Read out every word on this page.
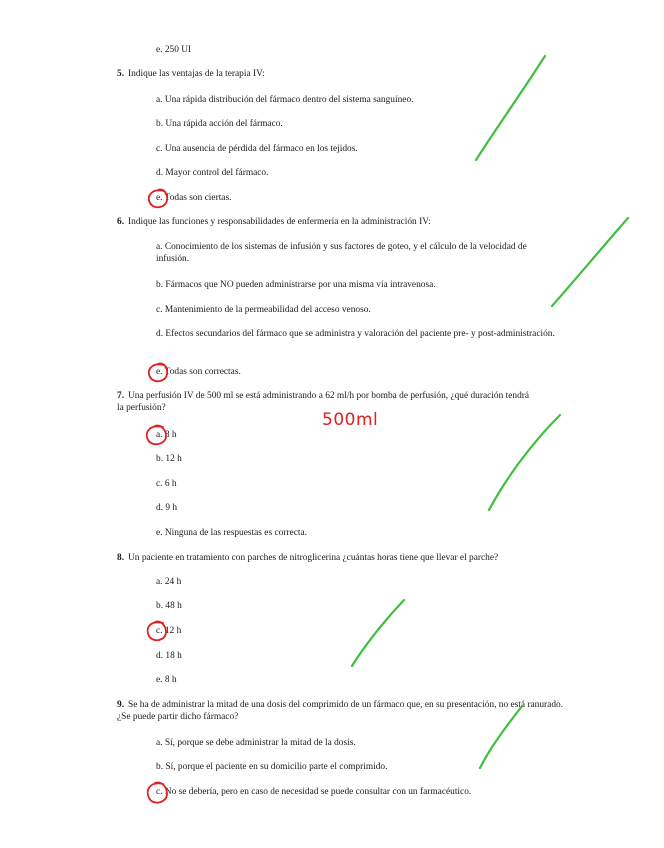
e. 250 UI
5. Indique las ventajas de la terapia IV:
a. Una rápida distribución del fármaco dentro del sistema sanguíneo.
b. Una rápida acción del fármaco.
c. Una ausencia de pérdida del fármaco en los tejidos.
d. Mayor control del fármaco.
e. Todas son ciertas.
6. Indique las funciones y responsabilidades de enfermería en la administración IV:
a. Conocimiento de los sistemas de infusión y sus factores de goteo, y el cálculo de la velocidad de infusión.
b. Fármacos que NO pueden administrarse por una misma vía intravenosa.
c. Mantenimiento de la permeabilidad del acceso venoso.
d. Efectos secundarios del fármaco que se administra y valoración del paciente pre- y post-administración.
e. Todas son correctas.
7. Una perfusión IV de 500 ml se está administrando a 62 ml/h por bomba de perfusión, ¿qué duración tendrá la perfusión?
a. 8 h
b. 12 h
c. 6 h
d. 9 h
e. Ninguna de las respuestas es correcta.
500ml
8. Un paciente en tratamiento con parches de nitroglicerina ¿cuántas horas tiene que llevar el parche?
a. 24 h
b. 48 h
c. 12 h
d. 18 h
e. 8 h
9. Se ha de administrar la mitad de una dosis del comprimido de un fármaco que, en su presentación, no está ranurado. ¿Se puede partir dicho fármaco?
a. Sí, porque se debe administrar la mitad de la dosis.
b. Sí, porque el paciente en su domicilio parte el comprimido.
c. No se debería, pero en caso de necesidad se puede consultar con un farmacéutico.
